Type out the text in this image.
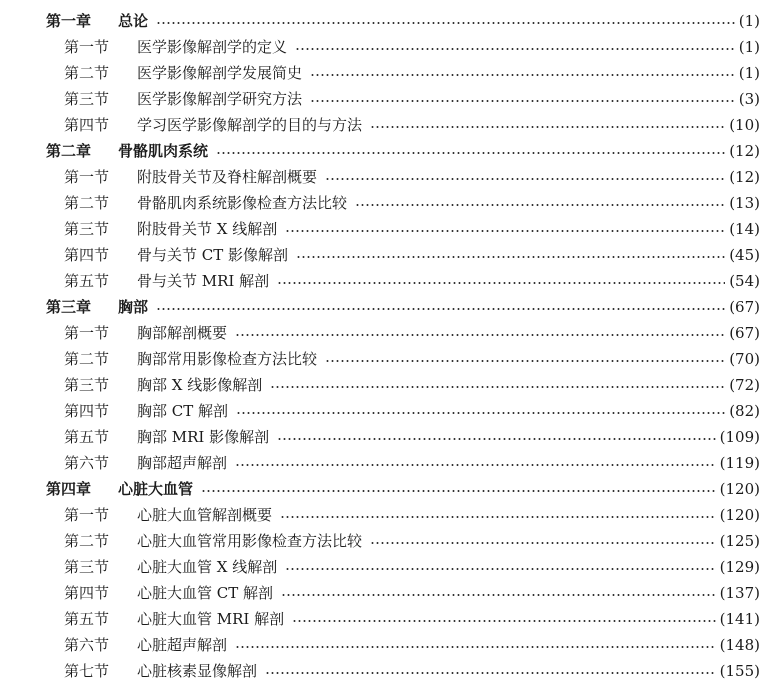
第一章	总论	(1)
第一节	医学影像解剖学的定义	(1)
第二节	医学影像解剖学发展简史	(1)
第三节	医学影像解剖学研究方法	(3)
第四节	学习医学影像解剖学的目的与方法	(10)
第二章	骨骼肌肉系统	(12)
第一节	附肢骨关节及脊柱解剖概要	(12)
第二节	骨骼肌肉系统影像检查方法比较	(13)
第三节	附肢骨关节 X 线解剖	(14)
第四节	骨与关节 CT 影像解剖	(45)
第五节	骨与关节 MRI 解剖	(54)
第三章	胸部	(67)
第一节	胸部解剖概要	(67)
第二节	胸部常用影像检查方法比较	(70)
第三节	胸部 X 线影像解剖	(72)
第四节	胸部 CT 解剖	(82)
第五节	胸部 MRI 影像解剖	(109)
第六节	胸部超声解剖	(119)
第四章	心脏大血管	(120)
第一节	心脏大血管解剖概要	(120)
第二节	心脏大血管常用影像检查方法比较	(125)
第三节	心脏大血管 X 线解剖	(129)
第四节	心脏大血管 CT 解剖	(137)
第五节	心脏大血管 MRI 解剖	(141)
第六节	心脏超声解剖	(148)
第七节	心脏核素显像解剖	(155)
